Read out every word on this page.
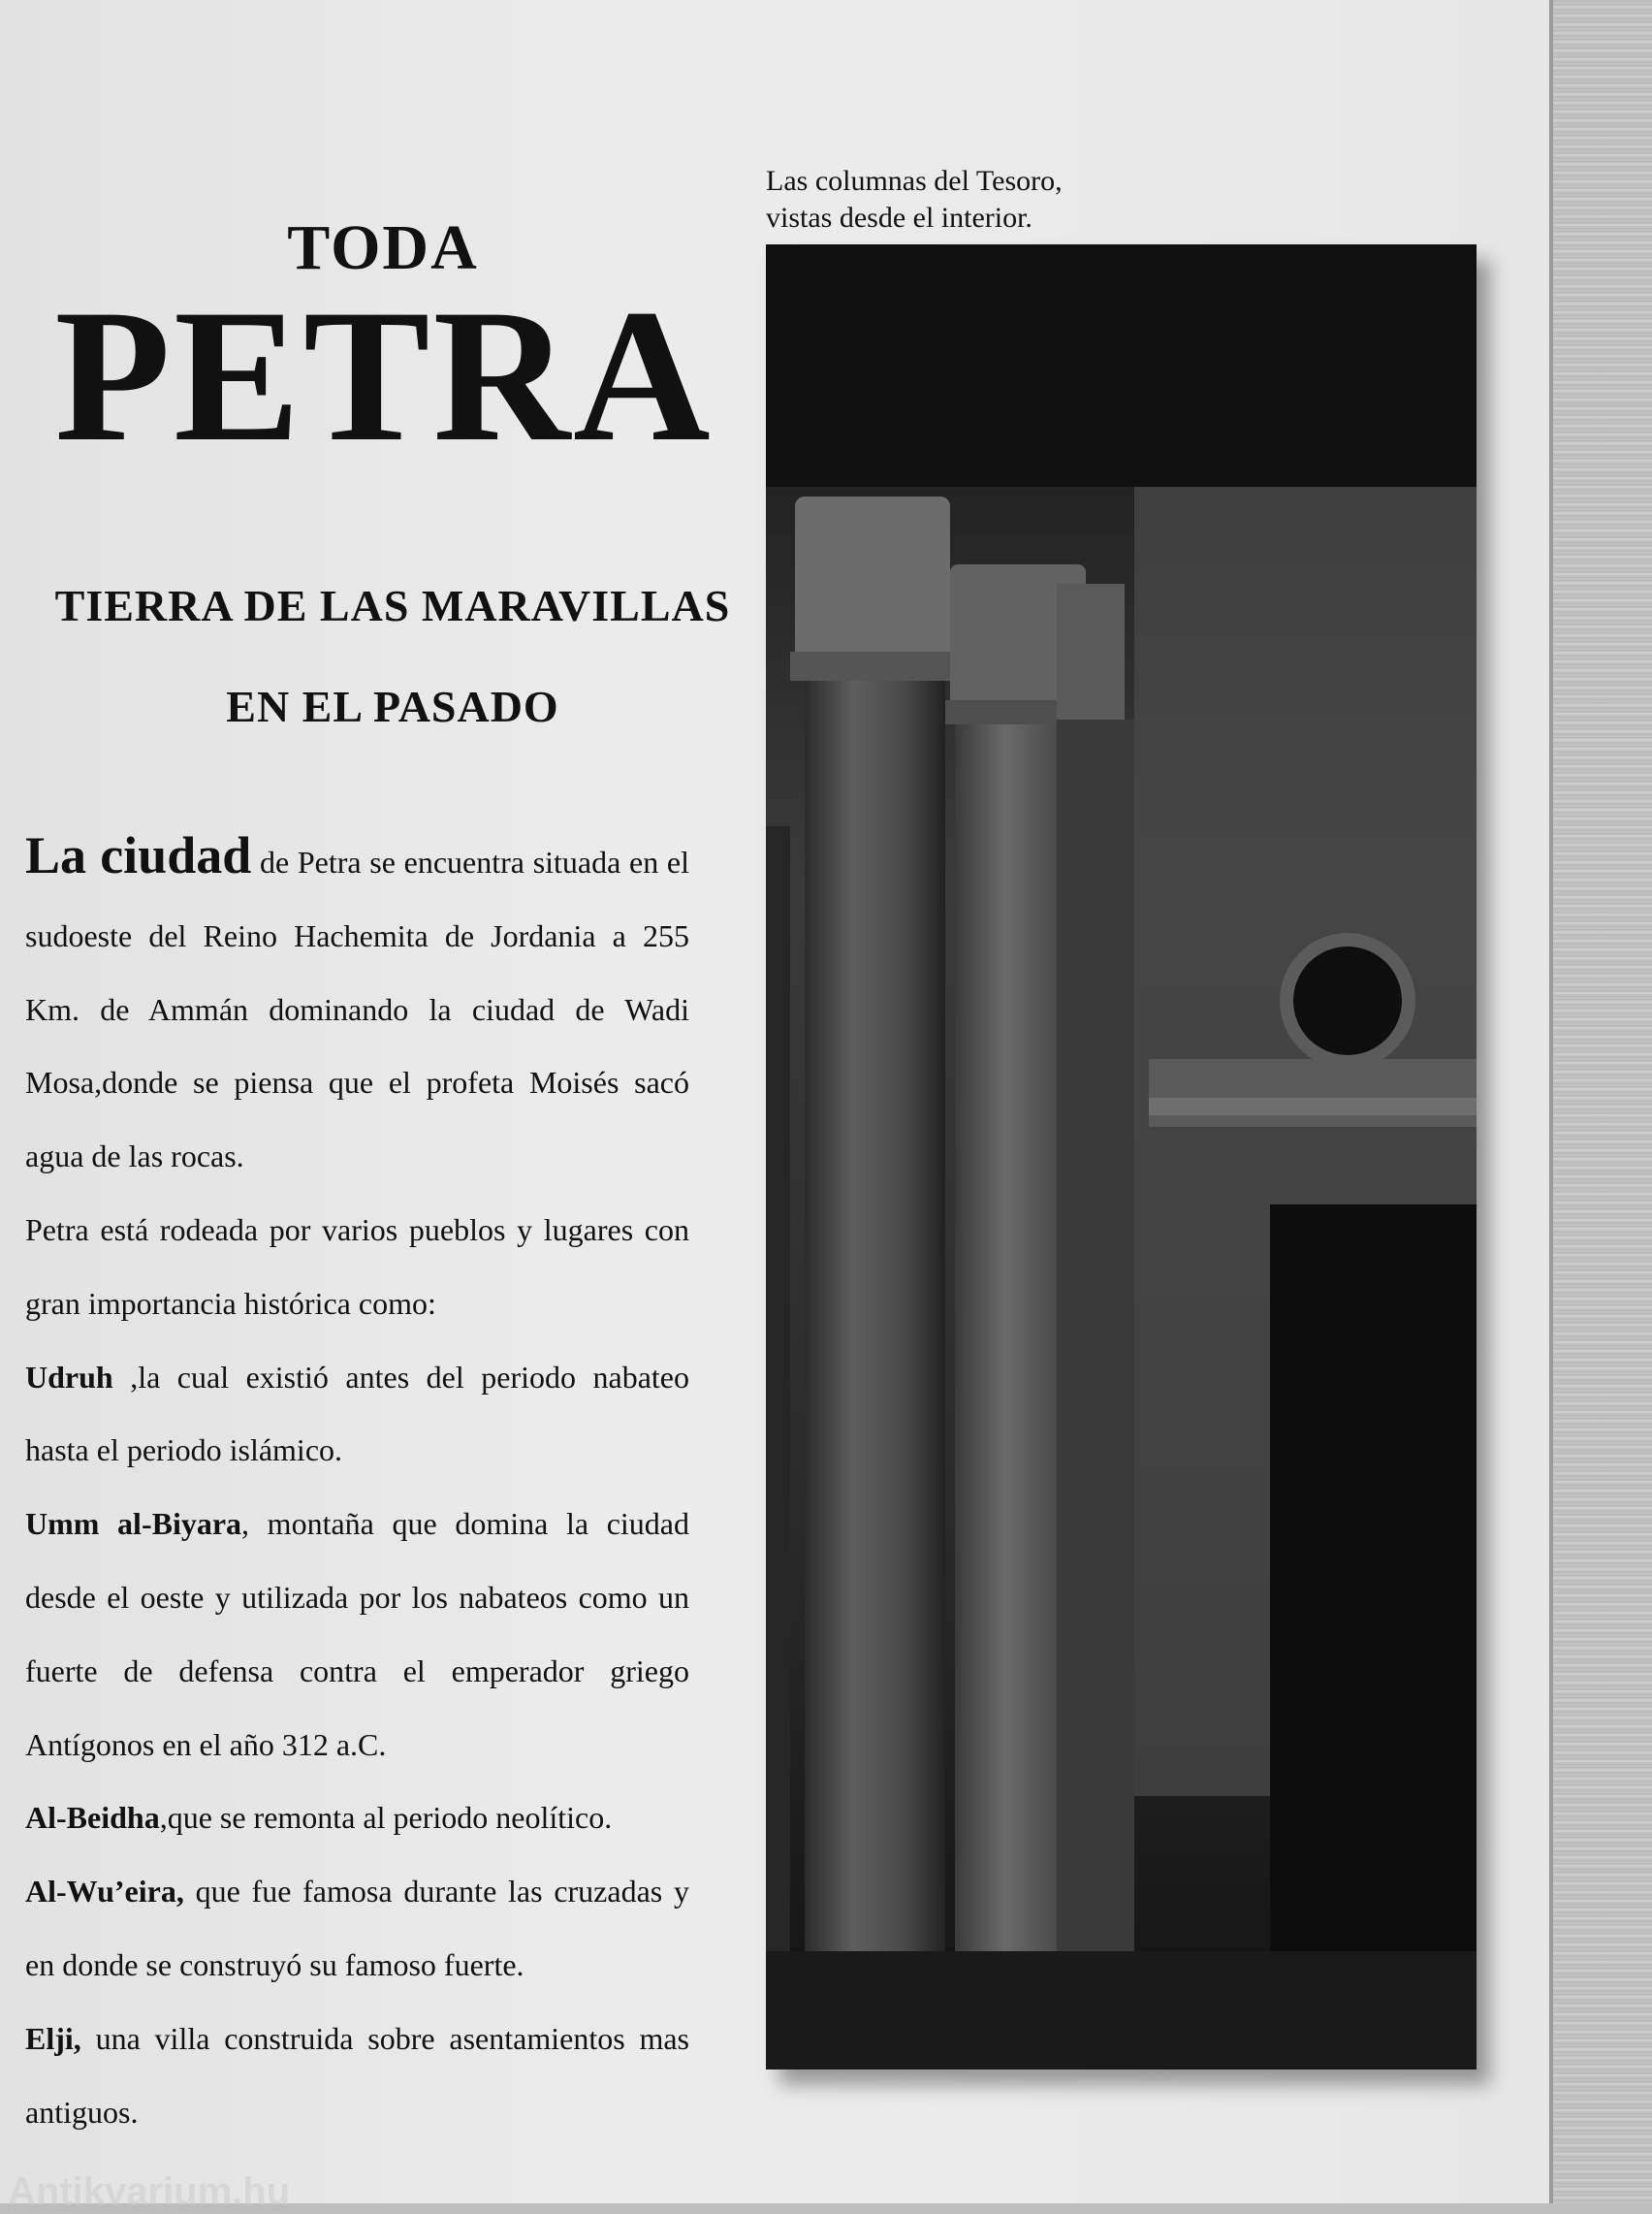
TODA
PETRA
TIERRA DE LAS MARAVILLAS
EN EL PASADO

La ciudad de Petra se encuentra situada en el sudoeste del Reino Hachemita de Jordania a 255 Km. de Ammán dominando la ciudad de Wadi Mosa,donde se piensa que el profeta Moisés sacó agua de las rocas.

Petra está rodeada por varios pueblos y lugares con gran importancia histórica como:

Udruh ,la cual existió antes del periodo nabateo hasta el periodo islámico.

Umm al-Biyara, montaña que domina la ciudad desde el oeste y utilizada por los nabateos como un fuerte de defensa contra el emperador griego Antígonos en el año 312 a.C.

Al-Beidha,que se remonta al periodo neolítico.

Al-Wu’eira, que fue famosa durante las cruzadas y en donde se construyó su famoso fuerte.

Elji, una villa construida sobre asentamientos mas antiguos.

Las columnas del Tesoro,
vistas desde el interior.
Antikvarium.hu
